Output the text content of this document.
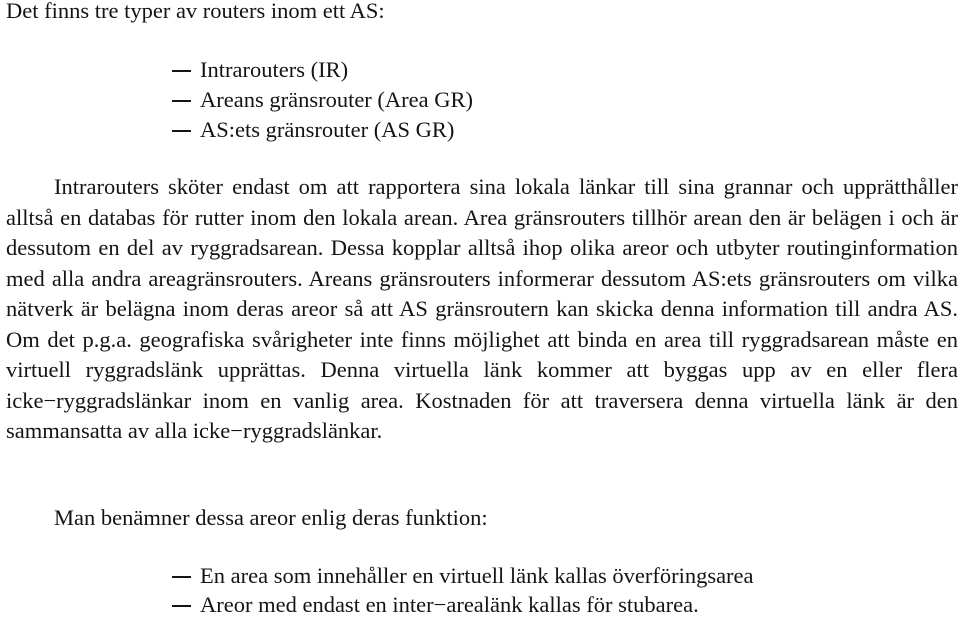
Det finns tre typer av routers inom ett AS:

Intrarouters (IR)

Areans gränsrouter (Area GR)

AS:ets gränsrouter (AS GR)

Intrarouters sköter endast om att rapportera sina lokala länkar till sina grannar och upprätthåller alltså en databas för rutter inom den lokala arean. Area gränsrouters tillhör arean den är belägen i och är dessutom en del av ryggradsarean. Dessa kopplar alltså ihop olika areor och utbyter routinginformation med alla andra areagränsrouters. Areans gränsrouters informerar dessutom AS:ets gränsrouters om vilka nätverk är belägna inom deras areor så att AS gränsroutern kan skicka denna information till andra AS. Om det p.g.a. geografiska svårigheter inte finns möjlighet att binda en area till ryggradsarean måste en virtuell ryggradslänk upprättas. Denna virtuella länk kommer att byggas upp av en eller flera icke−ryggradslänkar inom en vanlig area. Kostnaden för att traversera denna virtuella länk är den sammansatta av alla icke−ryggradslänkar.

Man benämner dessa areor enlig deras funktion:

En area som innehåller en virtuell länk kallas överföringsarea

Areor med endast en inter−arealänk kallas för stubarea.
